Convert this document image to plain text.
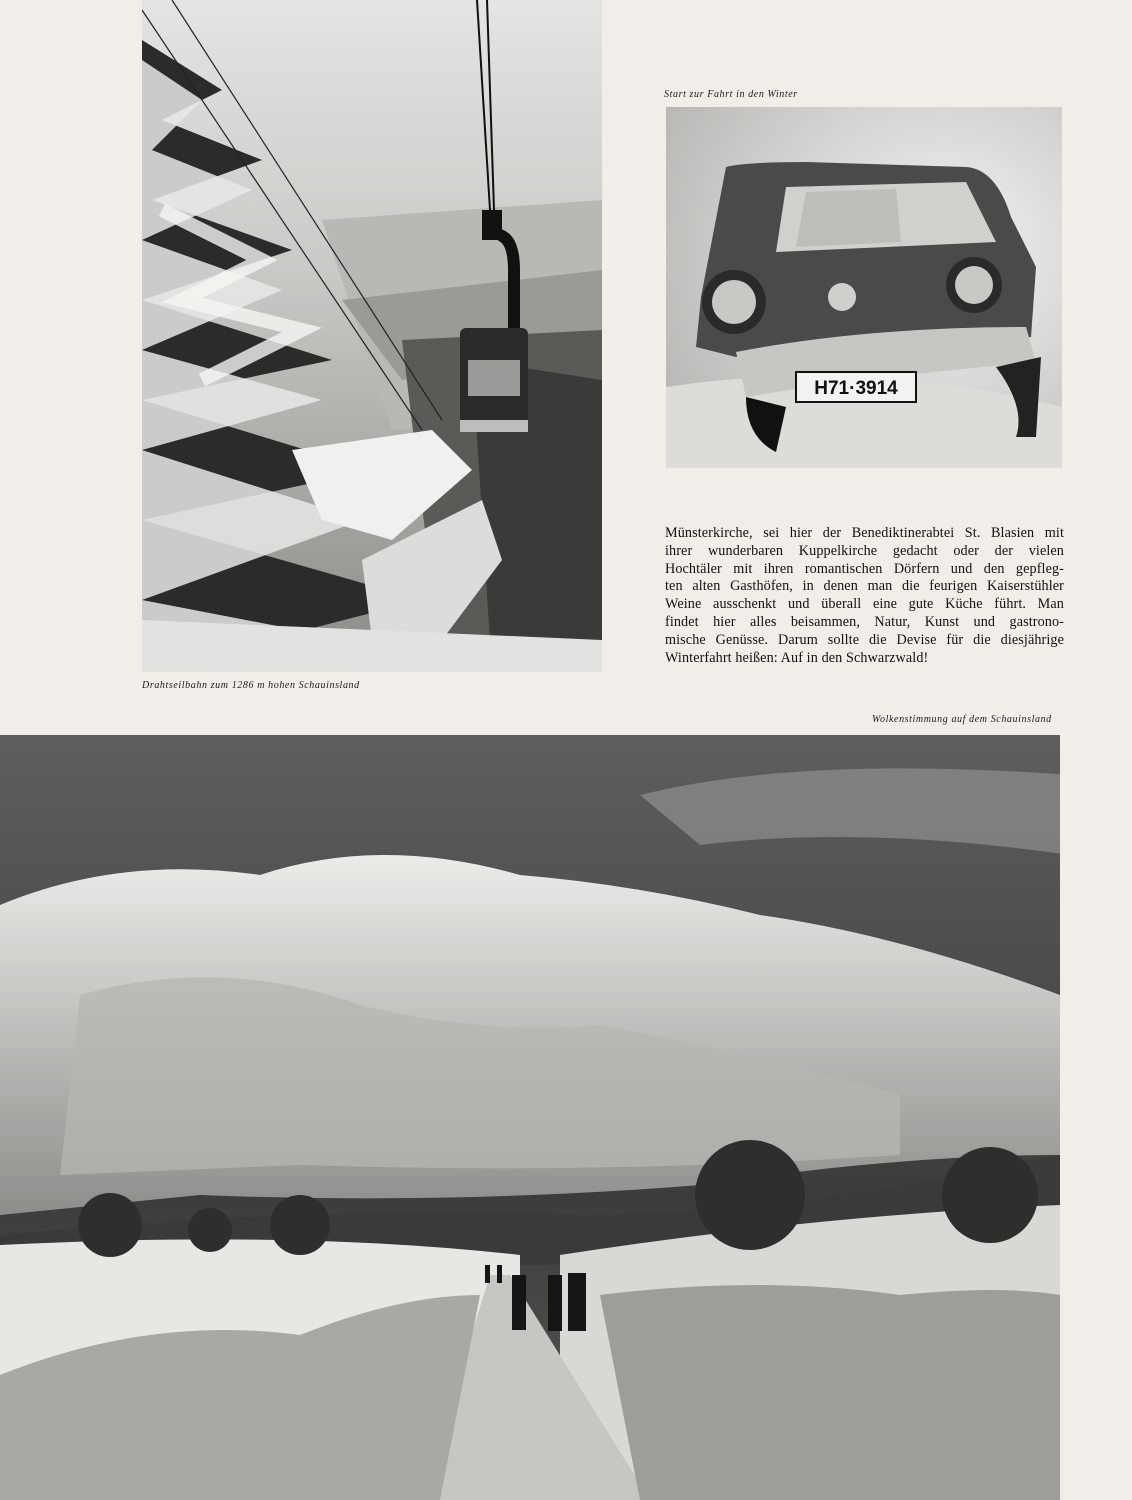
Drahtseilbahn zum 1286 m hohen Schauinsland
Start zur Fahrt in den Winter
H71·3914
Münsterkirche, sei hier der Benediktinerabtei St. Blasien mit
ihrer wunderbaren Kuppelkirche gedacht oder der vielen
Hochtäler mit ihren romantischen Dörfern und den gepfleg-
ten alten Gasthöfen, in denen man die feurigen Kaiserstühler
Weine ausschenkt und überall eine gute Küche führt. Man
findet hier alles beisammen, Natur, Kunst und gastrono-
mische Genüsse. Darum sollte die Devise für die diesjährige
Winterfahrt heißen: Auf in den Schwarzwald!
Wolkenstimmung auf dem Schauinsland
